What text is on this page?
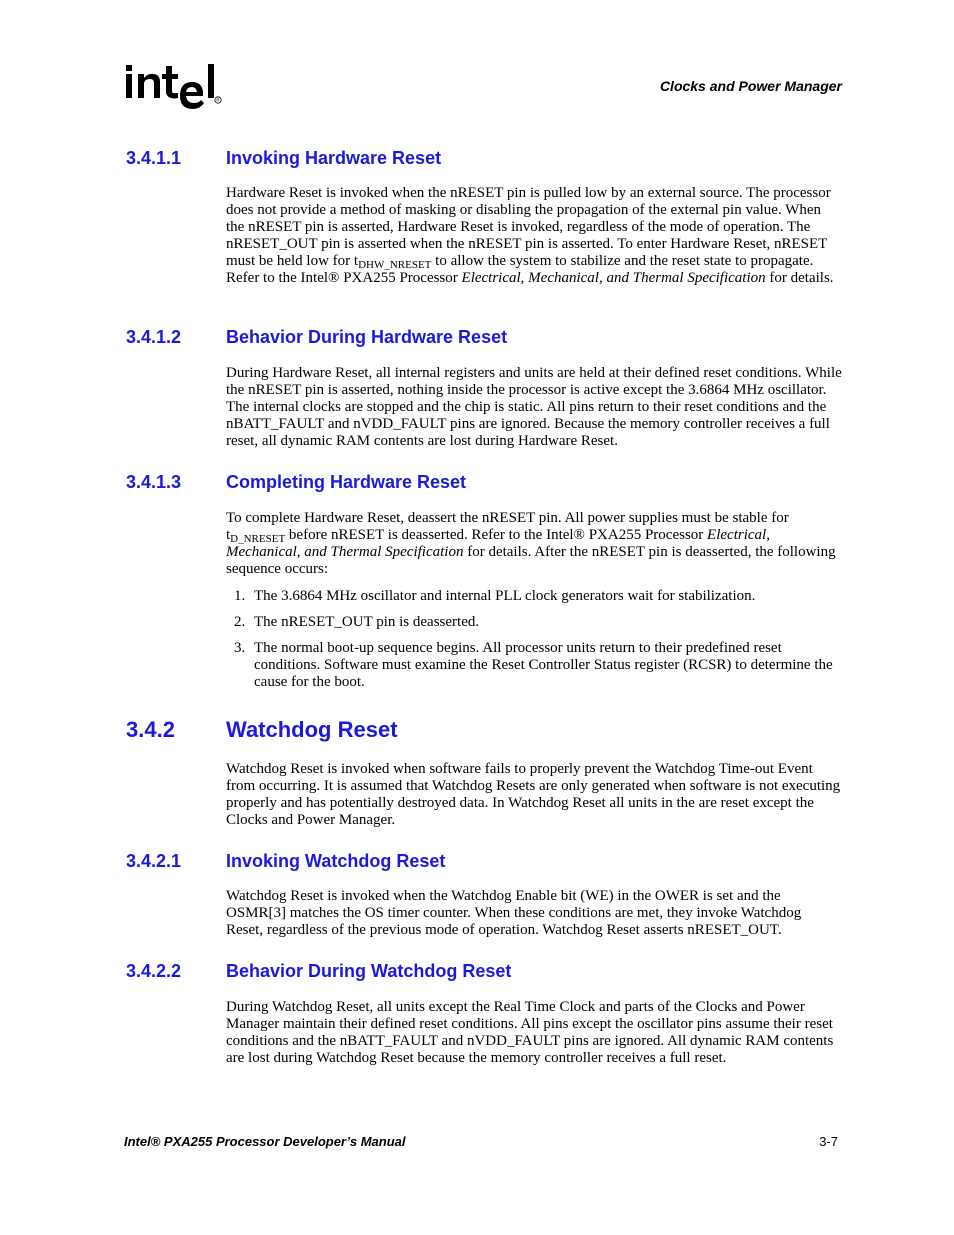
R
Clocks and Power Manager
3.4.1.1 Invoking Hardware Reset
Hardware Reset is invoked when the nRESET pin is pulled low by an external source. The processor does not provide a method of masking or disabling the propagation of the external pin value. When the nRESET pin is asserted, Hardware Reset is invoked, regardless of the mode of operation. The nRESET_OUT pin is asserted when the nRESET pin is asserted. To enter Hardware Reset, nRESET must be held low for $t_{DHW\_NRESET}$ to allow the system to stabilize and the reset state to propagate. Refer to the Intel® PXA255 Processor Electrical, Mechanical, and Thermal Specification for details.
3.4.1.2 Behavior During Hardware Reset
During Hardware Reset, all internal registers and units are held at their defined reset conditions. While the nRESET pin is asserted, nothing inside the processor is active except the 3.6864 MHz oscillator. The internal clocks are stopped and the chip is static. All pins return to their reset conditions and the nBATT_FAULT and nVDD_FAULT pins are ignored. Because the memory controller receives a full reset, all dynamic RAM contents are lost during Hardware Reset.
3.4.1.3 Completing Hardware Reset
To complete Hardware Reset, deassert the nRESET pin. All power supplies must be stable for $t_{D\_NRESET}$ before nRESET is deasserted. Refer to the Intel® PXA255 Processor Electrical, Mechanical, and Thermal Specification for details. After the nRESET pin is deasserted, the following sequence occurs:
1. The 3.6864 MHz oscillator and internal PLL clock generators wait for stabilization.
2. The nRESET_OUT pin is deasserted.
3. The normal boot-up sequence begins. All processor units return to their predefined reset conditions. Software must examine the Reset Controller Status register (RCSR) to determine the cause for the boot.
3.4.2 Watchdog Reset
Watchdog Reset is invoked when software fails to properly prevent the Watchdog Time-out Event from occurring. It is assumed that Watchdog Resets are only generated when software is not executing properly and has potentially destroyed data. In Watchdog Reset all units in the are reset except the Clocks and Power Manager.
3.4.2.1 Invoking Watchdog Reset
Watchdog Reset is invoked when the Watchdog Enable bit (WE) in the OWER is set and the OSMR[3] matches the OS timer counter. When these conditions are met, they invoke Watchdog Reset, regardless of the previous mode of operation. Watchdog Reset asserts nRESET_OUT.
3.4.2.2 Behavior During Watchdog Reset
During Watchdog Reset, all units except the Real Time Clock and parts of the Clocks and Power Manager maintain their defined reset conditions. All pins except the oscillator pins assume their reset conditions and the nBATT_FAULT and nVDD_FAULT pins are ignored. All dynamic RAM contents are lost during Watchdog Reset because the memory controller receives a full reset.
Intel® PXA255 Processor Developer’s Manual	3-7
